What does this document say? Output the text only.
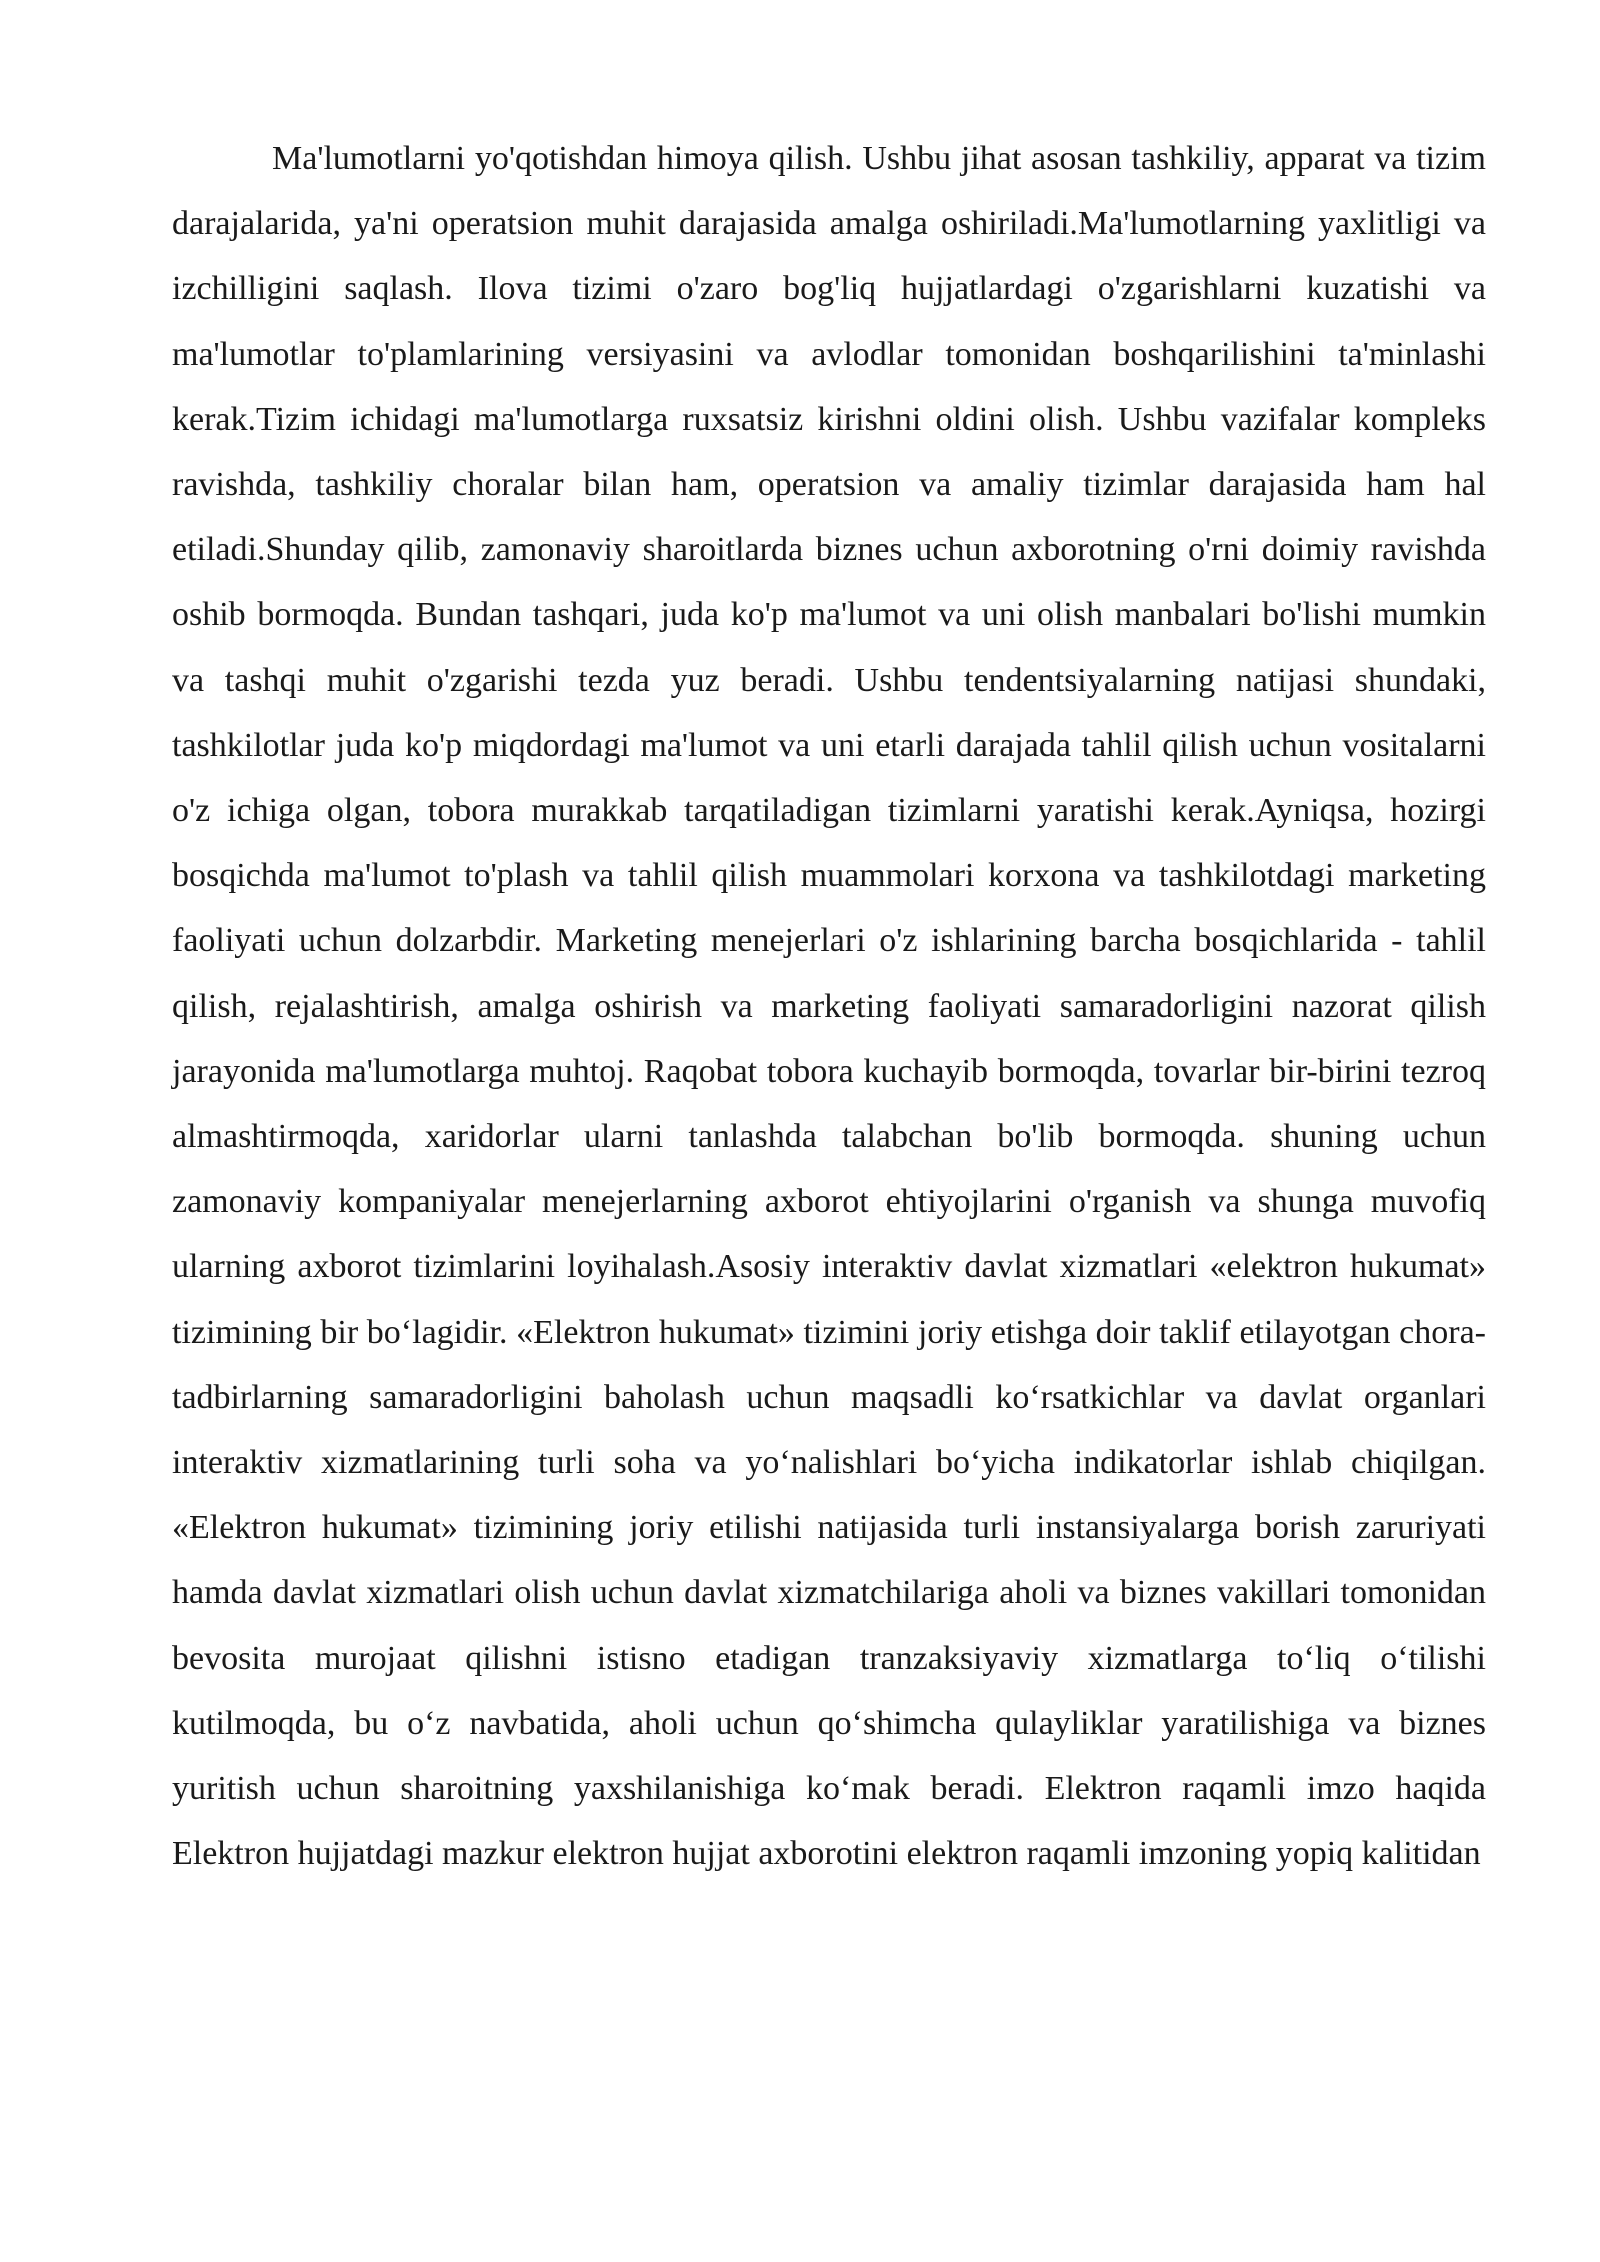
Ma'lumotlarni yo'qotishdan himoya qilish. Ushbu jihat asosan tashkiliy, apparat va tizim darajalarida, ya'ni operatsion muhit darajasida amalga oshiriladi.Ma'lumotlarning yaxlitligi va izchilligini saqlash. Ilova tizimi o'zaro bog'liq hujjatlardagi o'zgarishlarni kuzatishi va ma'lumotlar to'plamlarining versiyasini va avlodlar tomonidan boshqarilishini ta'minlashi kerak.Tizim ichidagi ma'lumotlarga ruxsatsiz kirishni oldini olish. Ushbu vazifalar kompleks ravishda, tashkiliy choralar bilan ham, operatsion va amaliy tizimlar darajasida ham hal etiladi.Shunday qilib, zamonaviy sharoitlarda biznes uchun axborotning o'rni doimiy ravishda oshib bormoqda. Bundan tashqari, juda ko'p ma'lumot va uni olish manbalari bo'lishi mumkin va tashqi muhit o'zgarishi tezda yuz beradi. Ushbu tendentsiyalarning natijasi shundaki, tashkilotlar juda ko'p miqdordagi ma'lumot va uni etarli darajada tahlil qilish uchun vositalarni o'z ichiga olgan, tobora murakkab tarqatiladigan tizimlarni yaratishi kerak.Ayniqsa, hozirgi bosqichda ma'lumot to'plash va tahlil qilish muammolari korxona va tashkilotdagi marketing faoliyati uchun dolzarbdir. Marketing menejerlari o'z ishlarining barcha bosqichlarida - tahlil qilish, rejalashtirish, amalga oshirish va marketing faoliyati samaradorligini nazorat qilish jarayonida ma'lumotlarga muhtoj. Raqobat tobora kuchayib bormoqda, tovarlar bir-birini tezroq almashtirmoqda, xaridorlar ularni tanlashda talabchan bo'lib bormoqda. shuning uchun zamonaviy kompaniyalar menejerlarning axborot ehtiyojlarini o'rganish va shunga muvofiq ularning axborot tizimlarini loyihalash.Asosiy interaktiv davlat xizmatlari «elektron hukumat» tizimining bir boʻlagidir. «Elektron hukumat» tizimini joriy etishga doir taklif etilayotgan chora-tadbirlarning samaradorligini baholash uchun maqsadli koʻrsatkichlar va davlat organlari interaktiv xizmatlarining turli soha va yoʻnalishlari boʻyicha indikatorlar ishlab chiqilgan. «Elektron hukumat» tizimining joriy etilishi natijasida turli instansiyalarga borish zaruriyati hamda davlat xizmatlari olish uchun davlat xizmatchilariga aholi va biznes vakillari tomonidan bevosita murojaat qilishni istisno etadigan tranzaksiyaviy xizmatlarga toʻliq oʻtilishi kutilmoqda, bu oʻz navbatida, aholi uchun qoʻshimcha qulayliklar yaratilishiga va biznes yuritish uchun sharoitning yaxshilanishiga koʻmak beradi. Elektron raqamli imzo haqida Elektron hujjatdagi mazkur elektron hujjat axborotini elektron raqamli imzoning yopiq kalitidan
